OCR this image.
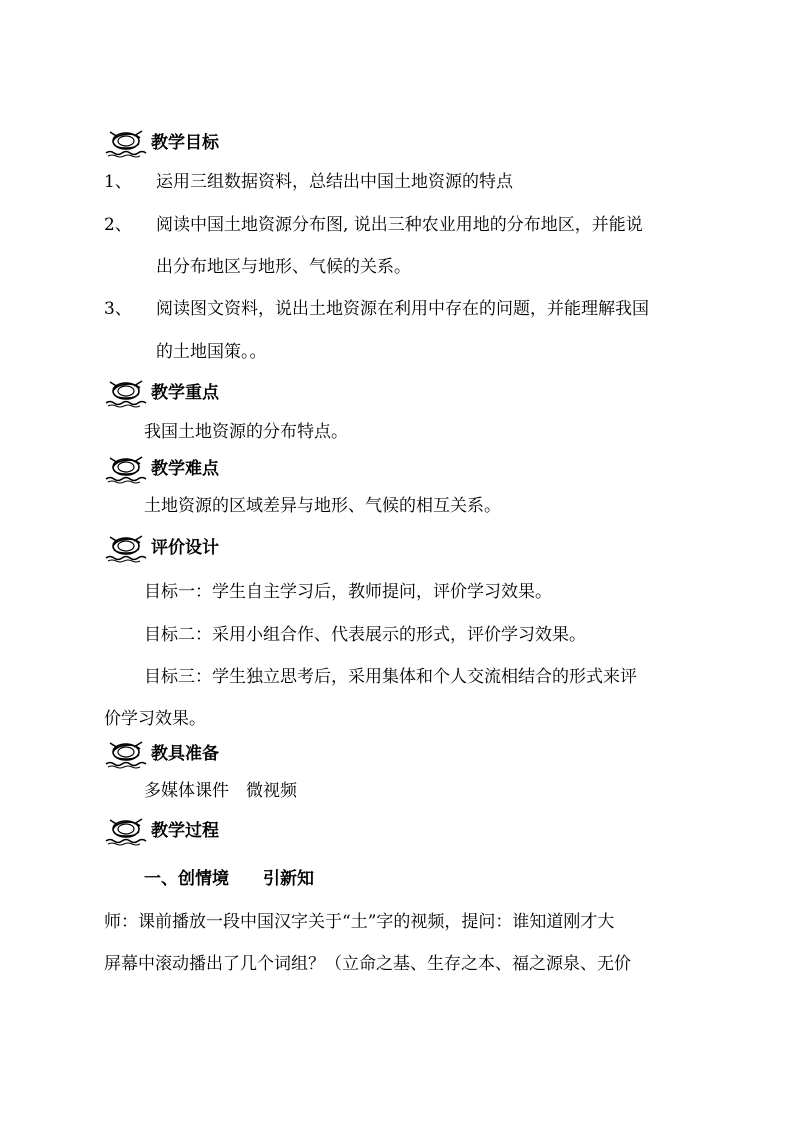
教学目标
1、 运用三组数据资料，总结出中国土地资源的特点
2、 阅读中国土地资源分布图, 说出三种农业用地的分布地区，并能说
出分布地区与地形、气候的关系。
3、 阅读图文资料，说出土地资源在利用中存在的问题，并能理解我国
的土地国策。。
教学重点
我国土地资源的分布特点。
教学难点
土地资源的区域差异与地形、气候的相互关系。
评价设计
目标一：学生自主学习后，教师提问，评价学习效果。
目标二：采用小组合作、代表展示的形式，评价学习效果。
目标三：学生独立思考后，采用集体和个人交流相结合的形式来评
价学习效果。
教具准备
多媒体课件　微视频
教学过程
一、创情境　　引新知
师：课前播放一段中国汉字关于“土”字的视频，提问：谁知道刚才大
屏幕中滚动播出了几个词组？（立命之基、生存之本、福之源泉、无价
